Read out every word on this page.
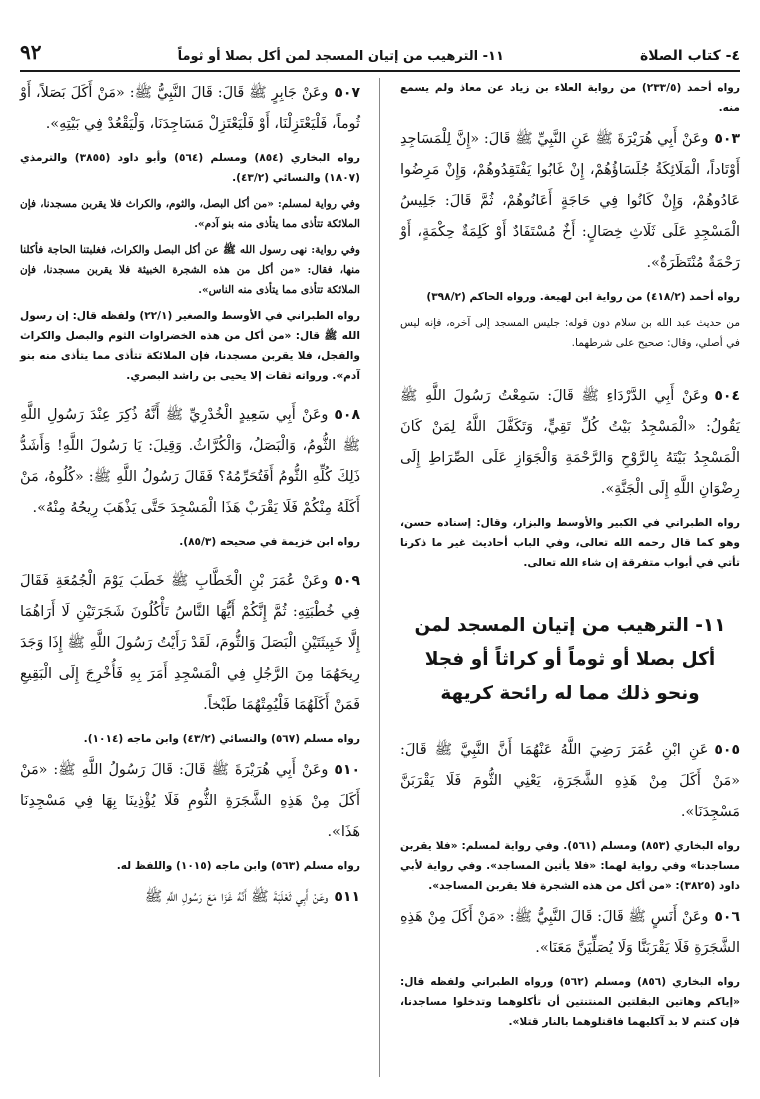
٤- كتاب الصلاة
١١- الترهيب من إتيان المسجد لمن أكل بصلا أو ثوماً
٩٢

رواه أحمد (٢٣٣/٥) من رواية العلاء بن زياد عن معاذ ولم يسمع منه.

٥٠٣وعَنْ أَبِي هُرَيْرَةَ ﷺ عَنِ النَّبِيِّ ﷺ قَالَ: «إِنَّ لِلْمَسَاجِدِ أَوْتَاداً، الْمَلَائِكَةُ جُلَسَاؤُهُمْ، إِنْ غَابُوا يَفْتَقِدُوهُمْ، وَإِنْ مَرِضُوا عَادُوهُمْ، وَإِنْ كَانُوا فِي حَاجَةٍ أَعَانُوهُمْ، ثُمَّ قَالَ: جَلِيسُ الْمَسْجِدِ عَلَى ثَلَاثِ خِصَالٍ: أَخٌ مُسْتَفَادٌ أَوْ كَلِمَةٌ حِكْمَةٍ، أَوْ رَحْمَةٌ مُنْتَظَرَةٌ».

رواه أحمد (٤١٨/٢) من رواية ابن لهيعة. ورواه الحاكم (٣٩٨/٢)

من حديث عبد الله بن سلام دون قوله: جليس المسجد إلى آخره، فإنه ليس في أصلي، وقال: صحيح على شرطهما.

٥٠٤وعَنْ أَبِي الدَّرْدَاءِ ﷺ قَالَ: سَمِعْتُ رَسُولَ اللَّهِ ﷺ يَقُولُ: «الْمَسْجِدُ بَيْتُ كُلِّ تَقِيٍّ، وَتَكَفَّلَ اللَّهُ لِمَنْ كَانَ الْمَسْجِدُ بَيْتَهُ بِالرَّوْحِ وَالرَّحْمَةِ وَالْجَوَازِ عَلَى الصِّرَاطِ إِلَى رِضْوَانِ اللَّهِ إِلَى الْجَنَّةِ».

رواه الطبراني في الكبير والأوسط والبزار، وقال: إسناده حسن، وهو كما قال رحمه الله تعالى، وفي الباب أحاديث غير ما ذكرنا تأتي في أبواب متفرقة إن شاء الله تعالى.

١١- الترهيب من إتيان المسجد لمن أكل بصلا أو ثوماً أو كراثاً أو فجلا ونحو ذلك مما له رائحة كريهة

٥٠٥عَنِ ابْنِ عُمَرَ رَضِيَ اللَّهُ عَنْهُمَا أَنَّ النَّبِيَّ ﷺ قَالَ: «مَنْ أَكَلَ مِنْ هَذِهِ الشَّجَرَةِ، يَعْنِي الثُّومَ فَلَا يَقْرَبَنَّ مَسْجِدَنَا».

رواه البخاري (٨٥٣) ومسلم (٥٦١). وفي رواية لمسلم: «فلا يقربن مساجدنا» وفي رواية لهما: «فلا يأتين المساجد». وفي رواية لأبي داود (٣٨٢٥): «من أكل من هذه الشجرة فلا يقربن المساجد».

٥٠٦وعَنْ أَنَسٍ ﷺ قَالَ: قَالَ النَّبِيُّ ﷺ: «مَنْ أَكَلَ مِنْ هَذِهِ الشَّجَرَةِ فَلَا يَقْرَبَنَّا وَلَا يُصَلِّيَنَّ مَعَنَا».

رواه البخاري (٨٥٦) ومسلم (٥٦٢) ورواه الطبراني ولفظه قال: «إياكم وهاتين البقلتين المنتنتين أن تأكلوهما وتدخلوا مساجدنا، فإن كنتم لا بد آكليهما فاقتلوهما بالنار قتلا».

٥٠٧وعَنْ جَابِرٍ ﷺ قَالَ: قَالَ النَّبِيُّ ﷺ: «مَنْ أَكَلَ بَصَلاً، أَوْ ثُوماً، فَلْيَعْتَزِلْنَا، أَوْ فَلْيَعْتَزِلْ مَسَاجِدَنَا، وَلْيَقْعُدْ فِي بَيْتِهِ».

رواه البخاري (٨٥٤) ومسلم (٥٦٤) وأبو داود (٣٨٥٥) والترمذي (١٨٠٧) والنسائي (٤٣/٢).

وفي رواية لمسلم: «من أكل البصل، والثوم، والكراث فلا يقربن مسجدنا، فإن الملائكة تتأذى مما يتأذى منه بنو آدم».

وفي رواية: نهى رسول الله ﷺ عن أكل البصل والكراث، فغلبتنا الحاجة فأكلنا منها، فقال: «من أكل من هذه الشجرة الخبيثة فلا يقربن مسجدنا، فإن الملائكة تتأذى مما يتأذى منه الناس».

رواه الطبراني في الأوسط والصغير (٢٢/١) ولفظه قال: إن رسول الله ﷺ قال: «من أكل من هذه الخضراوات الثوم والبصل والكراث والفجل، فلا يقربن مسجدنا، فإن الملائكة تتأذى مما يتأذى منه بنو آدم». ورواته ثقات إلا يحيى بن راشد البصري.

٥٠٨وعَنْ أَبِي سَعِيدٍ الْخُدْرِيِّ ﷺ أَنَّهُ ذُكِرَ عِنْدَ رَسُولِ اللَّهِ ﷺ الثُّومُ، وَالْبَصَلُ، وَالْكُرَّاثُ. وَقِيلَ: يَا رَسُولَ اللَّهِ! وَأَشَدُّ ذَلِكَ كُلِّهِ الثُّومُ أَفَتُحَرِّمُهُ؟ فَقَالَ رَسُولُ اللَّهِ ﷺ: «كُلُوهُ، مَنْ أَكَلَهُ مِنْكُمْ فَلَا يَقْرَبْ هَذَا الْمَسْجِدَ حَتَّى يَذْهَبَ رِيحُهُ مِنْهُ».

رواه ابن خزيمة في صحيحه (٨٥/٣).

٥٠٩وعَنْ عُمَرَ بْنِ الْخَطَّابِ ﷺ خَطَبَ يَوْمَ الْجُمُعَةِ فَقَالَ فِي خُطْبَتِهِ: ثُمَّ إِنَّكُمْ أَيُّهَا النَّاسُ تَأْكُلُونَ شَجَرَتَيْنِ لَا أَرَاهُمَا إِلَّا خَبِيثَتَيْنِ الْبَصَلَ وَالثُّومَ، لَقَدْ رَأَيْتُ رَسُولَ اللَّهِ ﷺ إِذَا وَجَدَ رِيحَهُمَا مِنَ الرَّجُلِ فِي الْمَسْجِدِ أَمَرَ بِهِ فَأُخْرِجَ إِلَى الْبَقِيعِ فَمَنْ أَكَلَهُمَا فَلْيُمِتْهُمَا طَبْخاً.

رواه مسلم (٥٦٧) والنسائي (٤٣/٢) وابن ماجه (١٠١٤).

٥١٠وعَنْ أَبِي هُرَيْرَةَ ﷺ قَالَ: قَالَ رَسُولُ اللَّهِ ﷺ: «مَنْ أَكَلَ مِنْ هَذِهِ الشَّجَرَةِ الثُّومِ فَلَا يُؤْذِينَا بِهَا فِي مَسْجِدِنَا هَذَا».

رواه مسلم (٥٦٣) وابن ماجه (١٠١٥) واللفظ له.

٥١١وعَنْ أَبِي ثَعْلَبَةَ ﷺ أَنَّهُ غَزَا مَعَ رَسُولِ اللَّهِ ﷺ
